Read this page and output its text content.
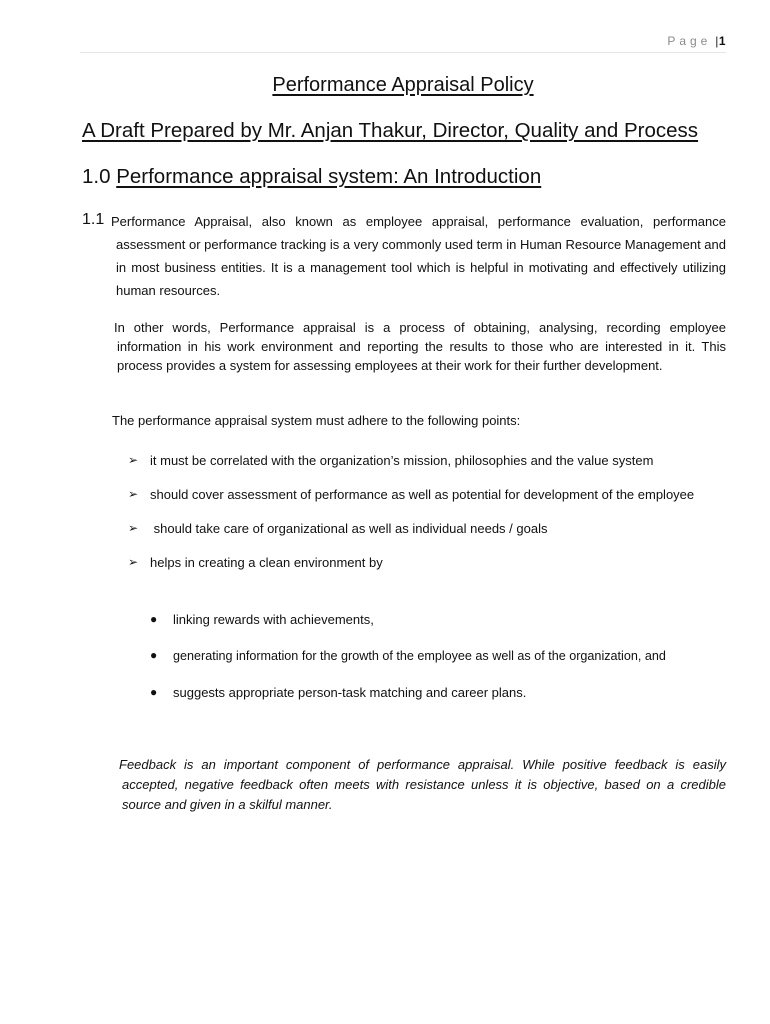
Page |1
Performance Appraisal Policy
A Draft Prepared by Mr. Anjan Thakur, Director, Quality and Process
1.0 Performance appraisal system: An Introduction
1.1 Performance Appraisal, also known as employee appraisal, performance evaluation, performance
assessment or performance tracking is a very commonly used term in Human Resource Management and in most business entities. It is a management tool which is helpful in motivating and effectively utilizing human resources.
In other words, Performance appraisal is a process of obtaining, analysing, recording employee
information in his work environment and reporting the results to those who are interested in it. This process provides a system for assessing employees at their work for their further development.
The performance appraisal system must adhere to the following points:
➢ it must be correlated with the organization’s mission, philosophies and the value system
➢ should cover assessment of performance as well as potential for development of the employee
➢ should take care of organizational as well as individual needs / goals
➢ helps in creating a clean environment by
● linking rewards with achievements,
● generating information for the growth of the employee as well as of the organization, and
● suggests appropriate person-task matching and career plans.
Feedback is an important component of performance appraisal. While positive feedback is easily
accepted, negative feedback often meets with resistance unless it is objective, based on a credible source and given in a skilful manner.
